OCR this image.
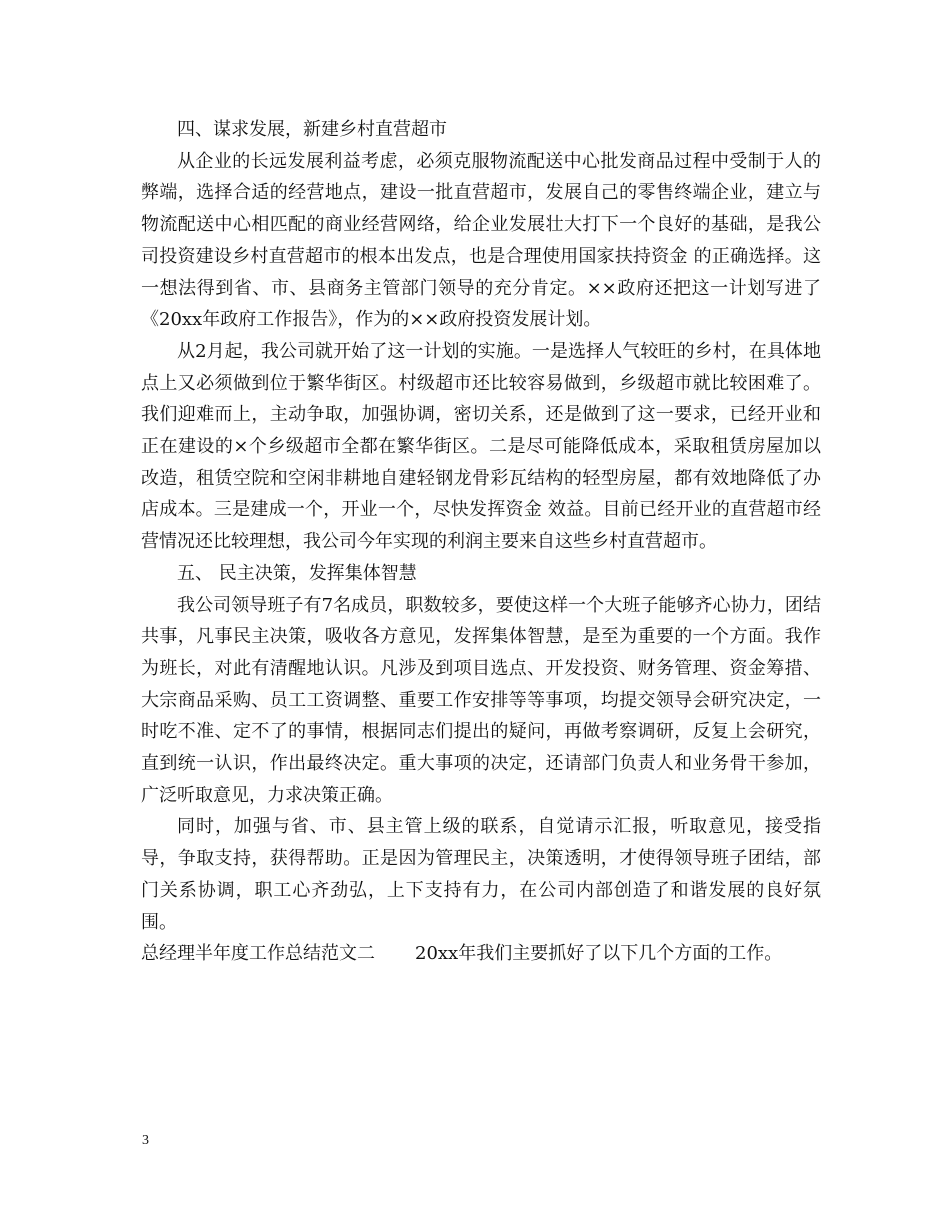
四、谋求发展，新建乡村直营超市

从企业的长远发展利益考虑，必须克服物流配送中心批发商品过程中受制于人的弊端，选择合适的经营地点，建设一批直营超市，发展自己的零售终端企业，建立与物流配送中心相匹配的商业经营网络，给企业发展壮大打下一个良好的基础，是我公司投资建设乡村直营超市的根本出发点，也是合理使用国家扶持资金 的正确选择。这一想法得到省、市、县商务主管部门领导的充分肯定。××政府还把这一计划写进了《20xx年政府工作报告》，作为的××政府投资发展计划。

从2月起，我公司就开始了这一计划的实施。一是选择人气较旺的乡村，在具体地点上又必须做到位于繁华街区。村级超市还比较容易做到，乡级超市就比较困难了。我们迎难而上，主动争取，加强协调，密切关系，还是做到了这一要求，已经开业和正在建设的×个乡级超市全都在繁华街区。二是尽可能降低成本，采取租赁房屋加以改造，租赁空院和空闲非耕地自建轻钢龙骨彩瓦结构的轻型房屋，都有效地降低了办店成本。三是建成一个，开业一个，尽快发挥资金 效益。目前已经开业的直营超市经营情况还比较理想，我公司今年实现的利润主要来自这些乡村直营超市。

五、 民主决策，发挥集体智慧

我公司领导班子有7名成员，职数较多，要使这样一个大班子能够齐心协力，团结共事，凡事民主决策，吸收各方意见，发挥集体智慧，是至为重要的一个方面。我作为班长，对此有清醒地认识。凡涉及到项目选点、开发投资、财务管理、资金筹措、大宗商品采购、员工工资调整、重要工作安排等等事项，均提交领导会研究决定，一时吃不准、定不了的事情，根据同志们提出的疑问，再做考察调研，反复上会研究，直到统一认识，作出最终决定。重大事项的决定，还请部门负责人和业务骨干参加，广泛听取意见，力求决策正确。

同时，加强与省、市、县主管上级的联系，自觉请示汇报，听取意见，接受指导，争取支持，获得帮助。正是因为管理民主，决策透明，才使得领导班子团结，部门关系协调，职工心齐劲弘，上下支持有力，在公司内部创造了和谐发展的良好氛围。

总经理半年度工作总结范文二 20xx年我们主要抓好了以下几个方面的工作。

3
